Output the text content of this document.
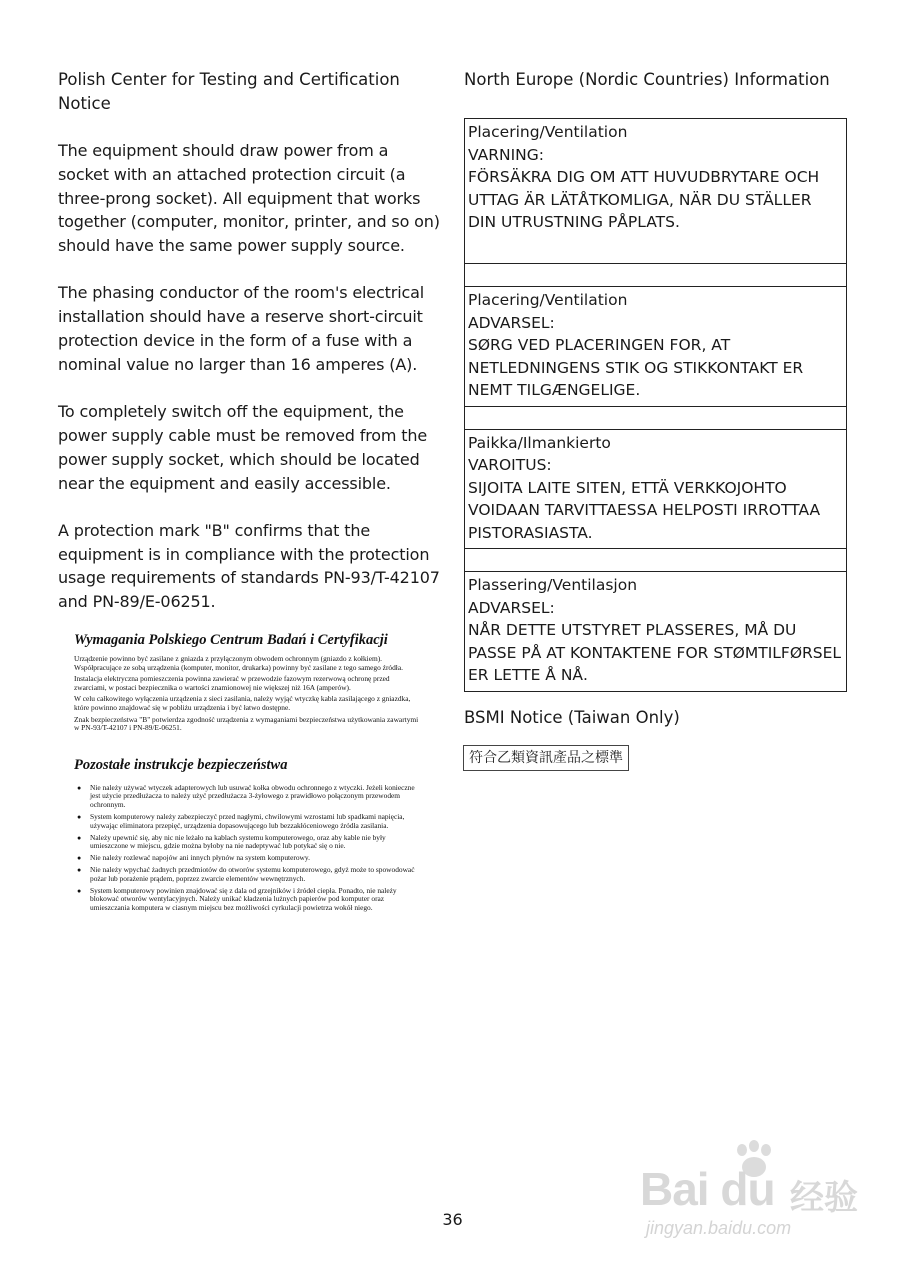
Polish Center for Testing and Certification Notice

The equipment should draw power from a socket with an attached protection circuit (a three-prong socket). All equipment that works together (computer, monitor, printer, and so on) should have the same power supply source.

The phasing conductor of the room's electrical installation should have a reserve short-circuit protection device in the form of a fuse with a nominal value no larger than 16 amperes (A).

To completely switch off the equipment, the power supply cable must be removed from the power supply socket, which should be located near the equipment and easily accessible.

A protection mark "B" confirms that the equipment is in compliance with the protection usage requirements of standards PN-93/T-42107 and PN-89/E-06251.

Wymagania Polskiego Centrum Badań i Certyfikacji

Urządzenie powinno być zasilane z gniazda z przyłączonym obwodem ochronnym (gniazdo z kołkiem). Współpracujące ze sobą urządzenia (komputer, monitor, drukarka) powinny być zasilane z tego samego źródła.

Instalacja elektryczna pomieszczenia powinna zawierać w przewodzie fazowym rezerwową ochronę przed zwarciami, w postaci bezpiecznika o wartości znamionowej nie większej niż 16A (amperów).

W celu całkowitego wyłączenia urządzenia z sieci zasilania, należy wyjąć wtyczkę kabla zasilającego z gniazdka, które powinno znajdować się w pobliżu urządzenia i być łatwo dostępne.

Znak bezpieczeństwa "B" potwierdza zgodność urządzenia z wymaganiami bezpieczeństwa użytkowania zawartymi w PN-93/T-42107 i PN-89/E-06251.

Pozostałe instrukcje bezpieczeństwa
● Nie należy używać wtyczek adapterowych lub usuwać kołka obwodu ochronnego z wtyczki. Jeżeli konieczne jest użycie przedłużacza to należy użyć przedłużacza 3-żyłowego z prawidłowo połączonym przewodem ochronnym.
● System komputerowy należy zabezpieczyć przed nagłymi, chwilowymi wzrostami lub spadkami napięcia, używając eliminatora przepięć, urządzenia dopasowującego lub bezzakłóceniowego źródła zasilania.
● Należy upewnić się, aby nic nie leżało na kablach systemu komputerowego, oraz aby kable nie były umieszczone w miejscu, gdzie można byłoby na nie nadeptywać lub potykać się o nie.
● Nie należy rozlewać napojów ani innych płynów na system komputerowy.
● Nie należy wpychać żadnych przedmiotów do otworów systemu komputerowego, gdyż może to spowodować pożar lub porażenie prądem, poprzez zwarcie elementów wewnętrznych.
● System komputerowy powinien znajdować się z dala od grzejników i źródeł ciepła. Ponadto, nie należy blokować otworów wentylacyjnych. Należy unikać kładzenia lużnych papierów pod komputer oraz umieszczania komputera w ciasnym miejscu bez możliwości cyrkulacji powietrza wokół niego.
North Europe (Nordic Countries) Information
Placering/Ventilation
VARNING:
FÖRSÄKRA DIG OM ATT HUVUDBRYTARE OCH UTTAG ÄR LÄTÅTKOMLIGA, NÄR DU STÄLLER DIN UTRUSTNING PÅPLATS.

Placering/Ventilation
ADVARSEL:
SØRG VED PLACERINGEN FOR, AT NETLEDNINGENS STIK OG STIKKONTAKT ER NEMT TILGÆNGELIGE.

Paikka/Ilmankierto
VAROITUS:
SIJOITA LAITE SITEN, ETTÄ VERKKOJOHTO VOIDAAN TARVITTAESSA HELPOSTI IRROTTAA PISTORASIASTA.

Plassering/Ventilasjon
ADVARSEL:
NÅR DETTE UTSTYRET PLASSERES, MÅ DU PASSE PÅ AT KONTAKTENE FOR STØMTILFØRSEL ER LETTE Å NÅ.
BSMI Notice (Taiwan Only)
符合乙類資訊產品之標準
36
Bai du 经验
jingyan.baidu.com
